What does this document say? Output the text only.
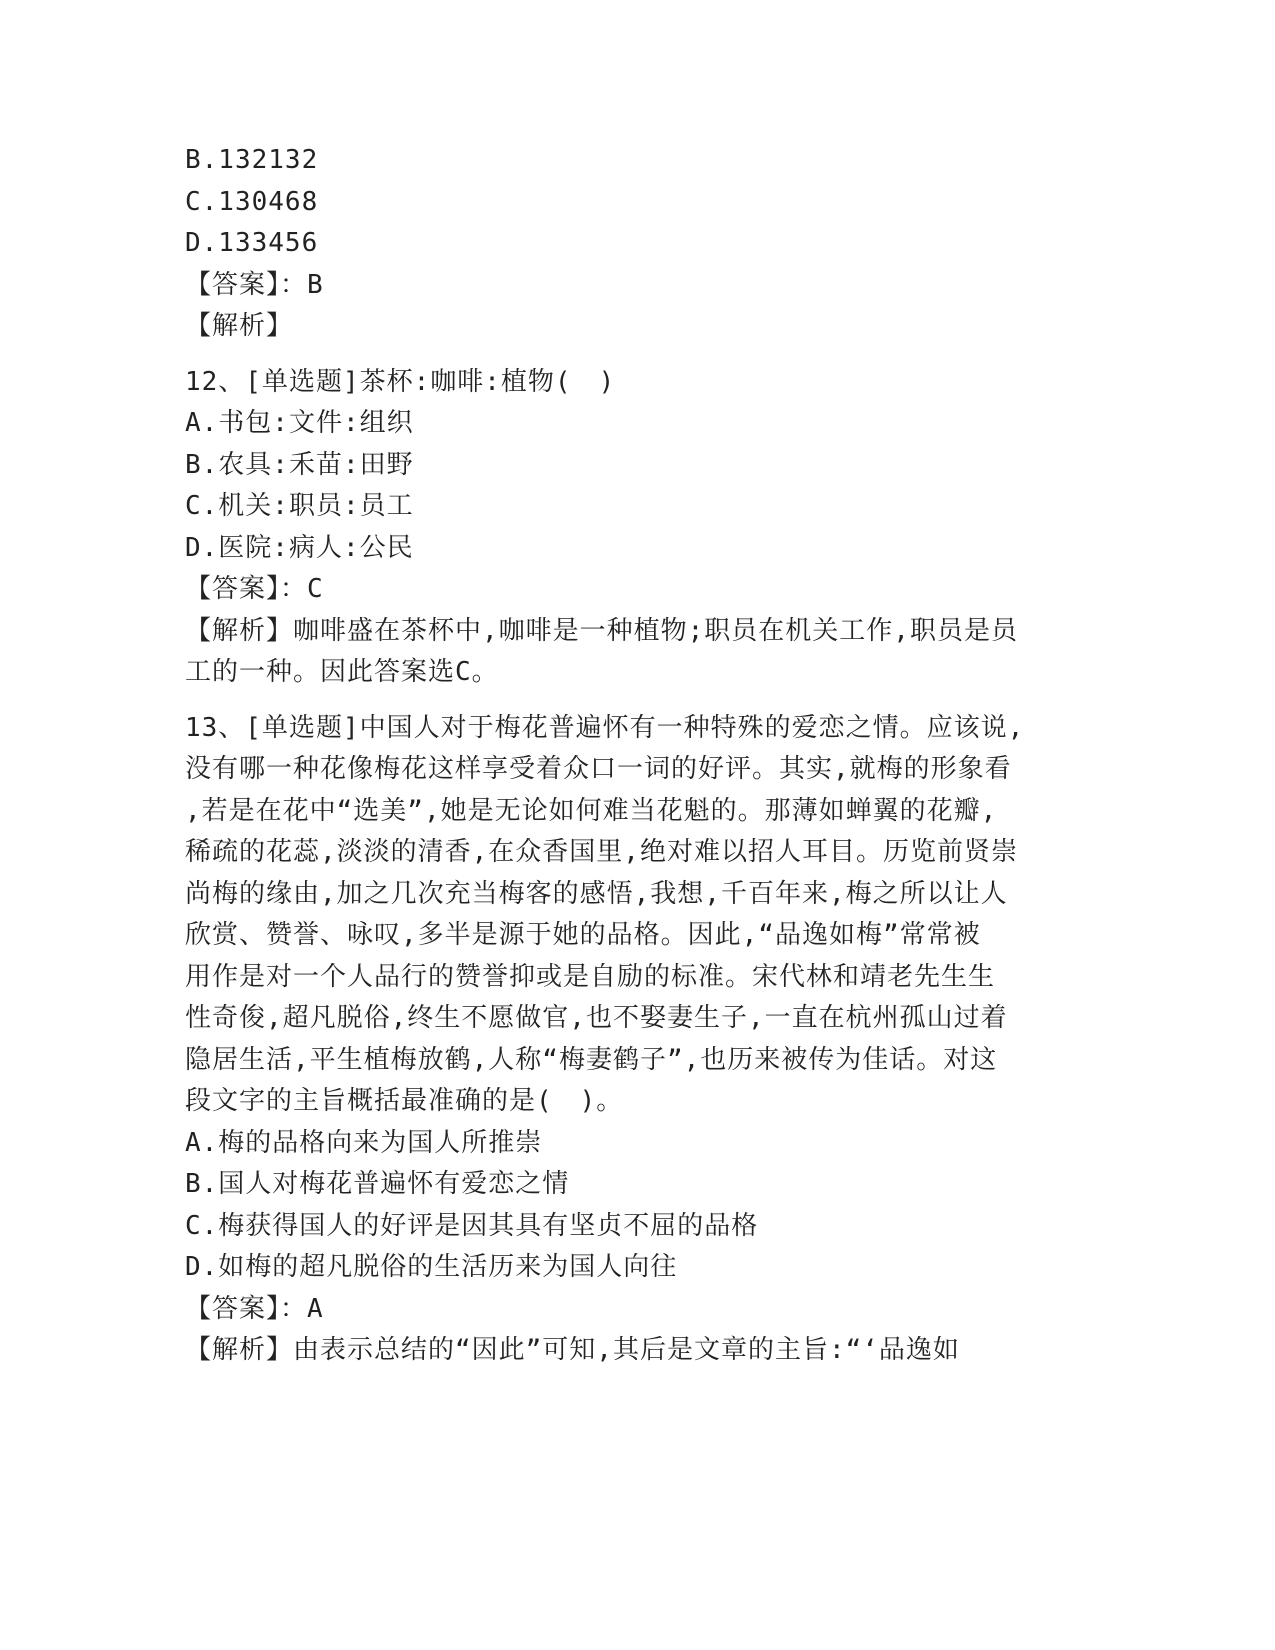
B.132132

C.130468

D.133456

【答案】：B

【解析】

12、[单选题]茶杯:咖啡:植物(　)

A.书包:文件:组织

B.农具:禾苗:田野

C.机关:职员:员工

D.医院:病人:公民

【答案】：C

【解析】咖啡盛在茶杯中,咖啡是一种植物;职员在机关工作,职员是员

工的一种。因此答案选C。

13、[单选题]中国人对于梅花普遍怀有一种特殊的爱恋之情。应该说,

没有哪一种花像梅花这样享受着众口一词的好评。其实,就梅的形象看

,若是在花中“选美”,她是无论如何难当花魁的。那薄如蝉翼的花瓣,

稀疏的花蕊,淡淡的清香,在众香国里,绝对难以招人耳目。历览前贤崇

尚梅的缘由,加之几次充当梅客的感悟,我想,千百年来,梅之所以让人

欣赏、赞誉、咏叹,多半是源于她的品格。因此,“品逸如梅”常常被

用作是对一个人品行的赞誉抑或是自励的标准。宋代林和靖老先生生

性奇俊,超凡脱俗,终生不愿做官,也不娶妻生子,一直在杭州孤山过着

隐居生活,平生植梅放鹤,人称“梅妻鹤子”,也历来被传为佳话。对这

段文字的主旨概括最准确的是(　)。

A.梅的品格向来为国人所推崇

B.国人对梅花普遍怀有爱恋之情

C.梅获得国人的好评是因其具有坚贞不屈的品格

D.如梅的超凡脱俗的生活历来为国人向往

【答案】：A

【解析】由表示总结的“因此”可知,其后是文章的主旨:“‘品逸如
